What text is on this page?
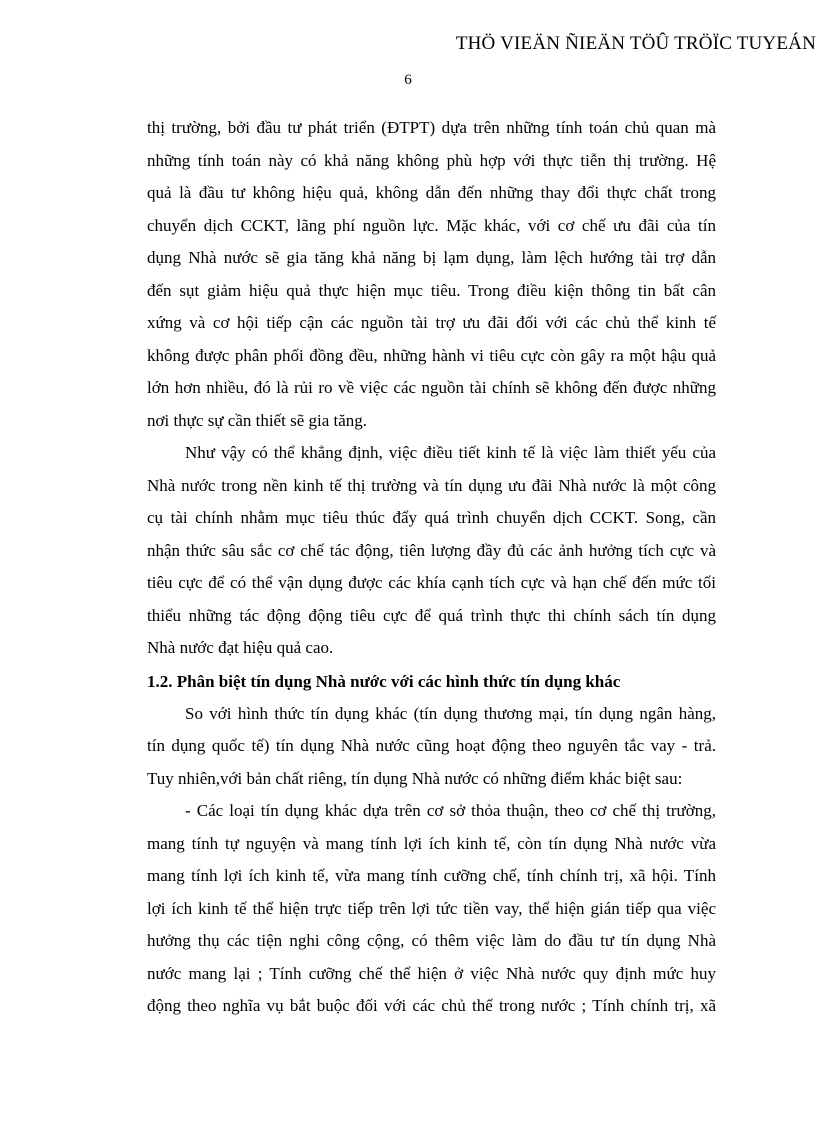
THÖ VIEÄN ÑIEÄN TÖÛ TRÖÏC TUYEÁN
6

thị trường, bởi đầu tư phát triển (ĐTPT) dựa trên những tính toán chủ quan mà
những tính toán này có khả năng không phù hợp với thực tiễn thị trường. Hệ
quả là đầu tư không hiệu quả, không dẫn đến những thay đổi thực chất trong
chuyển dịch CCKT, lãng phí nguồn lực. Mặc khác, với cơ chế ưu đãi của tín
dụng Nhà nước sẽ gia tăng khả năng bị lạm dụng, làm lệch hướng tài trợ dẫn
đến sụt giảm hiệu quả thực hiện mục tiêu. Trong điều kiện thông tin bất cân
xứng và cơ hội tiếp cận các nguồn tài trợ ưu đãi đối với các chủ thể kinh tế
không được phân phối đồng đều, những hành vi tiêu cực còn gây ra một hậu quả
lớn hơn nhiều, đó là rủi ro về việc các nguồn tài chính sẽ không đến được những
nơi thực sự cần thiết sẽ gia tăng.

Như vậy có thể khẳng định, việc điều tiết kinh tế là việc làm thiết yếu của
Nhà nước trong nền kinh tế thị trường và tín dụng ưu đãi Nhà nước là một công
cụ tài chính nhằm mục tiêu thúc đẩy quá trình chuyển dịch CCKT. Song, cần
nhận thức sâu sắc cơ chế tác động, tiên lượng đầy đủ các ảnh hưởng tích cực và
tiêu cực để có thể vận dụng được các khía cạnh tích cực và hạn chế đến mức tối
thiểu những tác động động tiêu cực để quá trình thực thi chính sách tín dụng
Nhà nước đạt hiệu quả cao.

1.2. Phân biệt tín dụng Nhà nước với các hình thức tín dụng khác

So với hình thức tín dụng khác (tín dụng thương mại, tín dụng ngân hàng,
tín dụng quốc tế) tín dụng Nhà nước cũng hoạt động theo nguyên tắc vay - trả.
Tuy nhiên,với bản chất riêng, tín dụng Nhà nước có những điểm khác biệt sau:

- Các loại tín dụng khác dựa trên cơ sở thỏa thuận, theo cơ chế thị trường,
mang tính tự nguyện và mang tính lợi ích kinh tế, còn tín dụng Nhà nước vừa
mang tính lợi ích kinh tế, vừa mang tính cưỡng chế, tính chính trị, xã hội. Tính
lợi ích kinh tế thể hiện trực tiếp trên lợi tức tiền vay, thể hiện gián tiếp qua việc
hưởng thụ các tiện nghi công cộng, có thêm việc làm do đầu tư tín dụng Nhà
nước mang lại ; Tính cưỡng chế thể hiện ở việc Nhà nước quy định mức huy
động theo nghĩa vụ bắt buộc đối với các chủ thể trong nước ; Tính chính trị, xã
